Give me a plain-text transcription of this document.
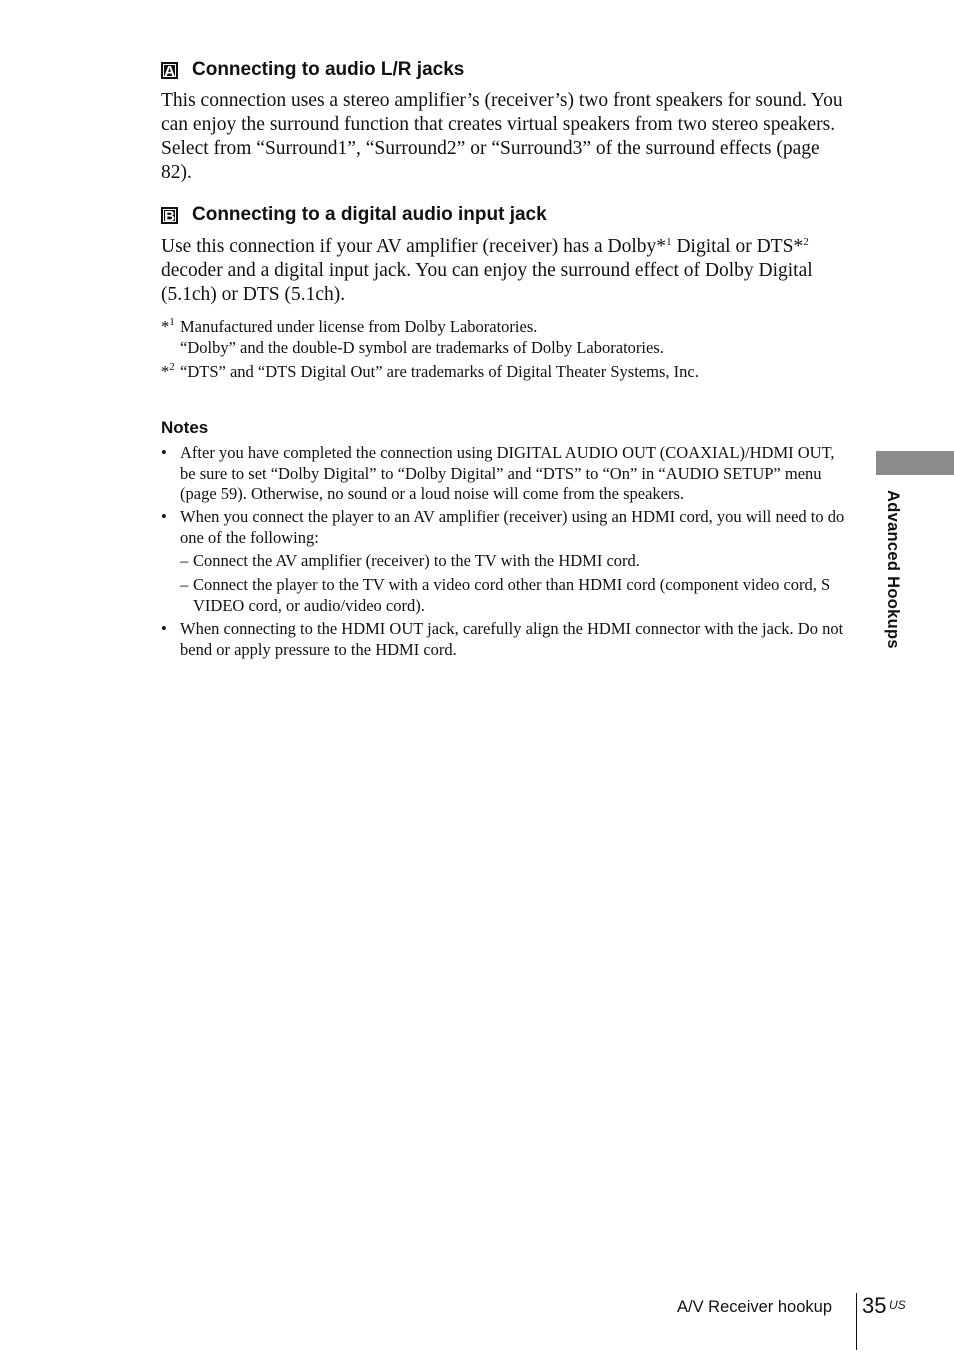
A Connecting to audio L/R jacks

This connection uses a stereo amplifier’s (receiver’s) two front speakers for sound. You can enjoy the surround function that creates virtual speakers from two stereo speakers. Select from “Surround1”, “Surround2” or “Surround3” of the surround effects (page 82).

B Connecting to a digital audio input jack

Use this connection if your AV amplifier (receiver) has a Dolby*$^1$ Digital or DTS*$^2$ decoder and a digital input jack. You can enjoy the surround effect of Dolby Digital (5.1ch) or DTS (5.1ch).

*$^1$ Manufactured under license from Dolby Laboratories.
“Dolby” and the double-D symbol are trademarks of Dolby Laboratories.
*$^2$ “DTS” and “DTS Digital Out” are trademarks of Digital Theater Systems, Inc.
Notes
• After you have completed the connection using DIGITAL AUDIO OUT (COAXIAL)/HDMI OUT, be sure to set “Dolby Digital” to “Dolby Digital” and “DTS” to “On” in “AUDIO SETUP” menu (page 59). Otherwise, no sound or a loud noise will come from the speakers.
• When you connect the player to an AV amplifier (receiver) using an HDMI cord, you will need to do one of the following:
– Connect the AV amplifier (receiver) to the TV with the HDMI cord.
– Connect the player to the TV with a video cord other than HDMI cord (component video cord, S VIDEO cord, or audio/video cord).
• When connecting to the HDMI OUT jack, carefully align the HDMI connector with the jack. Do not bend or apply pressure to the HDMI cord.
Advanced Hookups
A/V Receiver hookup 35 US
